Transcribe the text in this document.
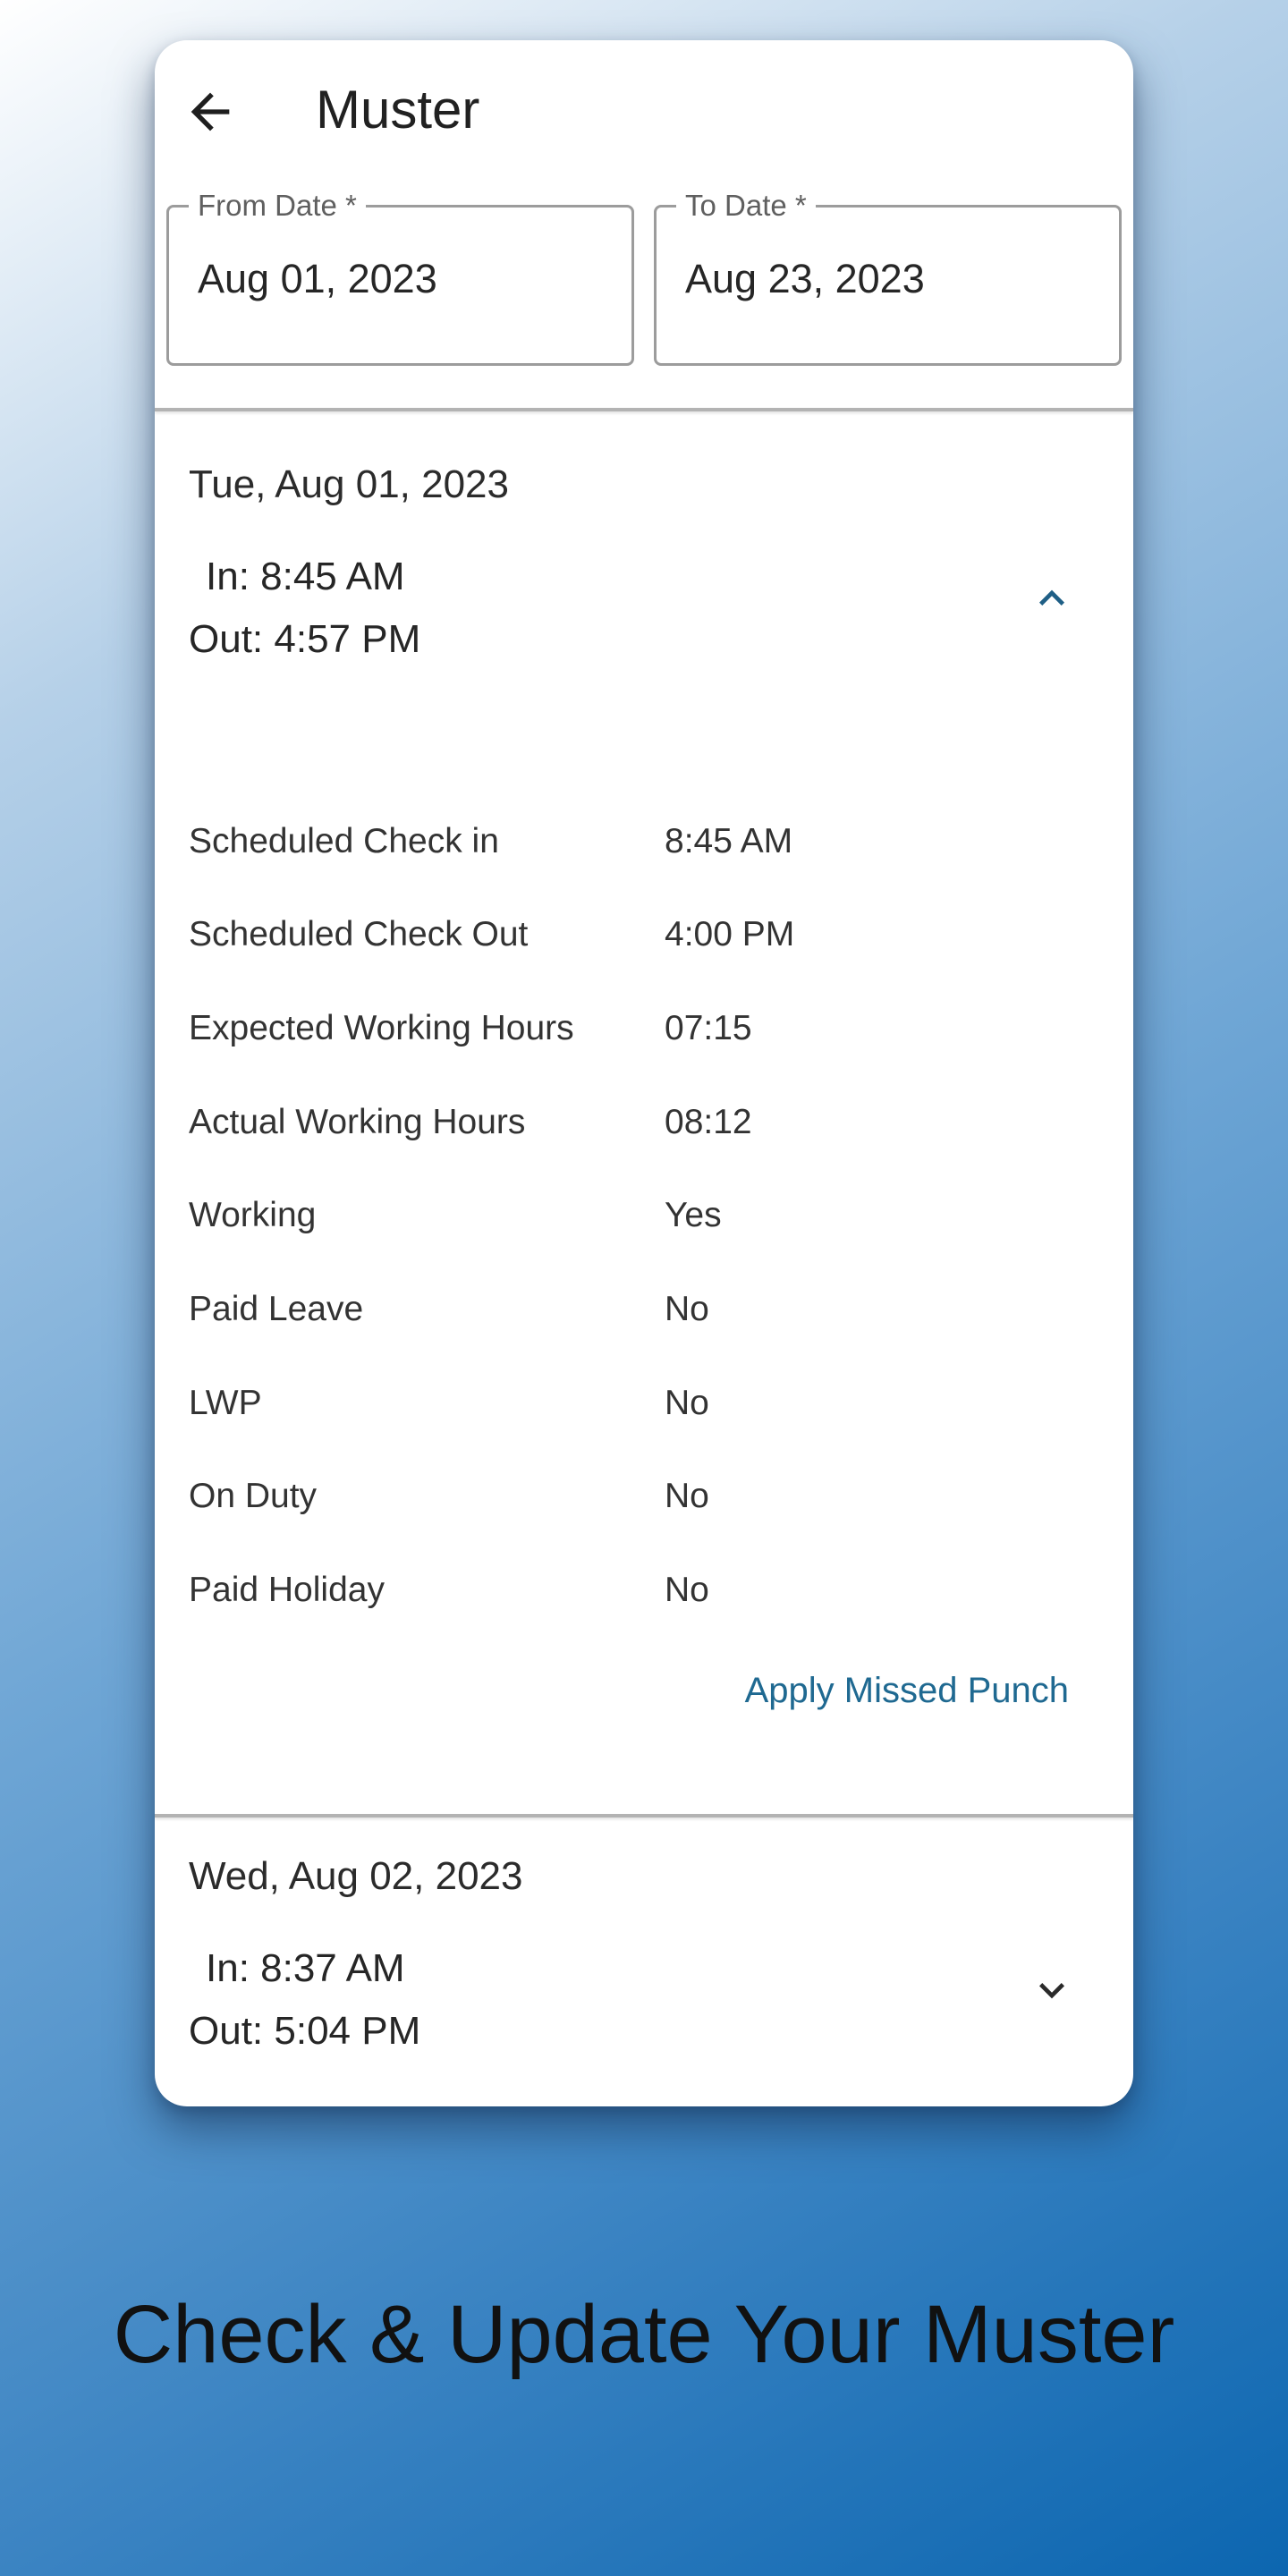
Muster
From Date *
Aug 01, 2023
To Date *
Aug 23, 2023
Tue, Aug 01, 2023
In: 8:45 AM
Out: 4:57 PM
Scheduled Check in	8:45 AM
Scheduled Check Out	4:00 PM
Expected Working Hours	07:15
Actual Working Hours	08:12
Working	Yes
Paid Leave	No
LWP	No
On Duty	No
Paid Holiday	No
Apply Missed Punch
Wed, Aug 02, 2023
In: 8:37 AM
Out: 5:04 PM
Check & Update Your Muster
